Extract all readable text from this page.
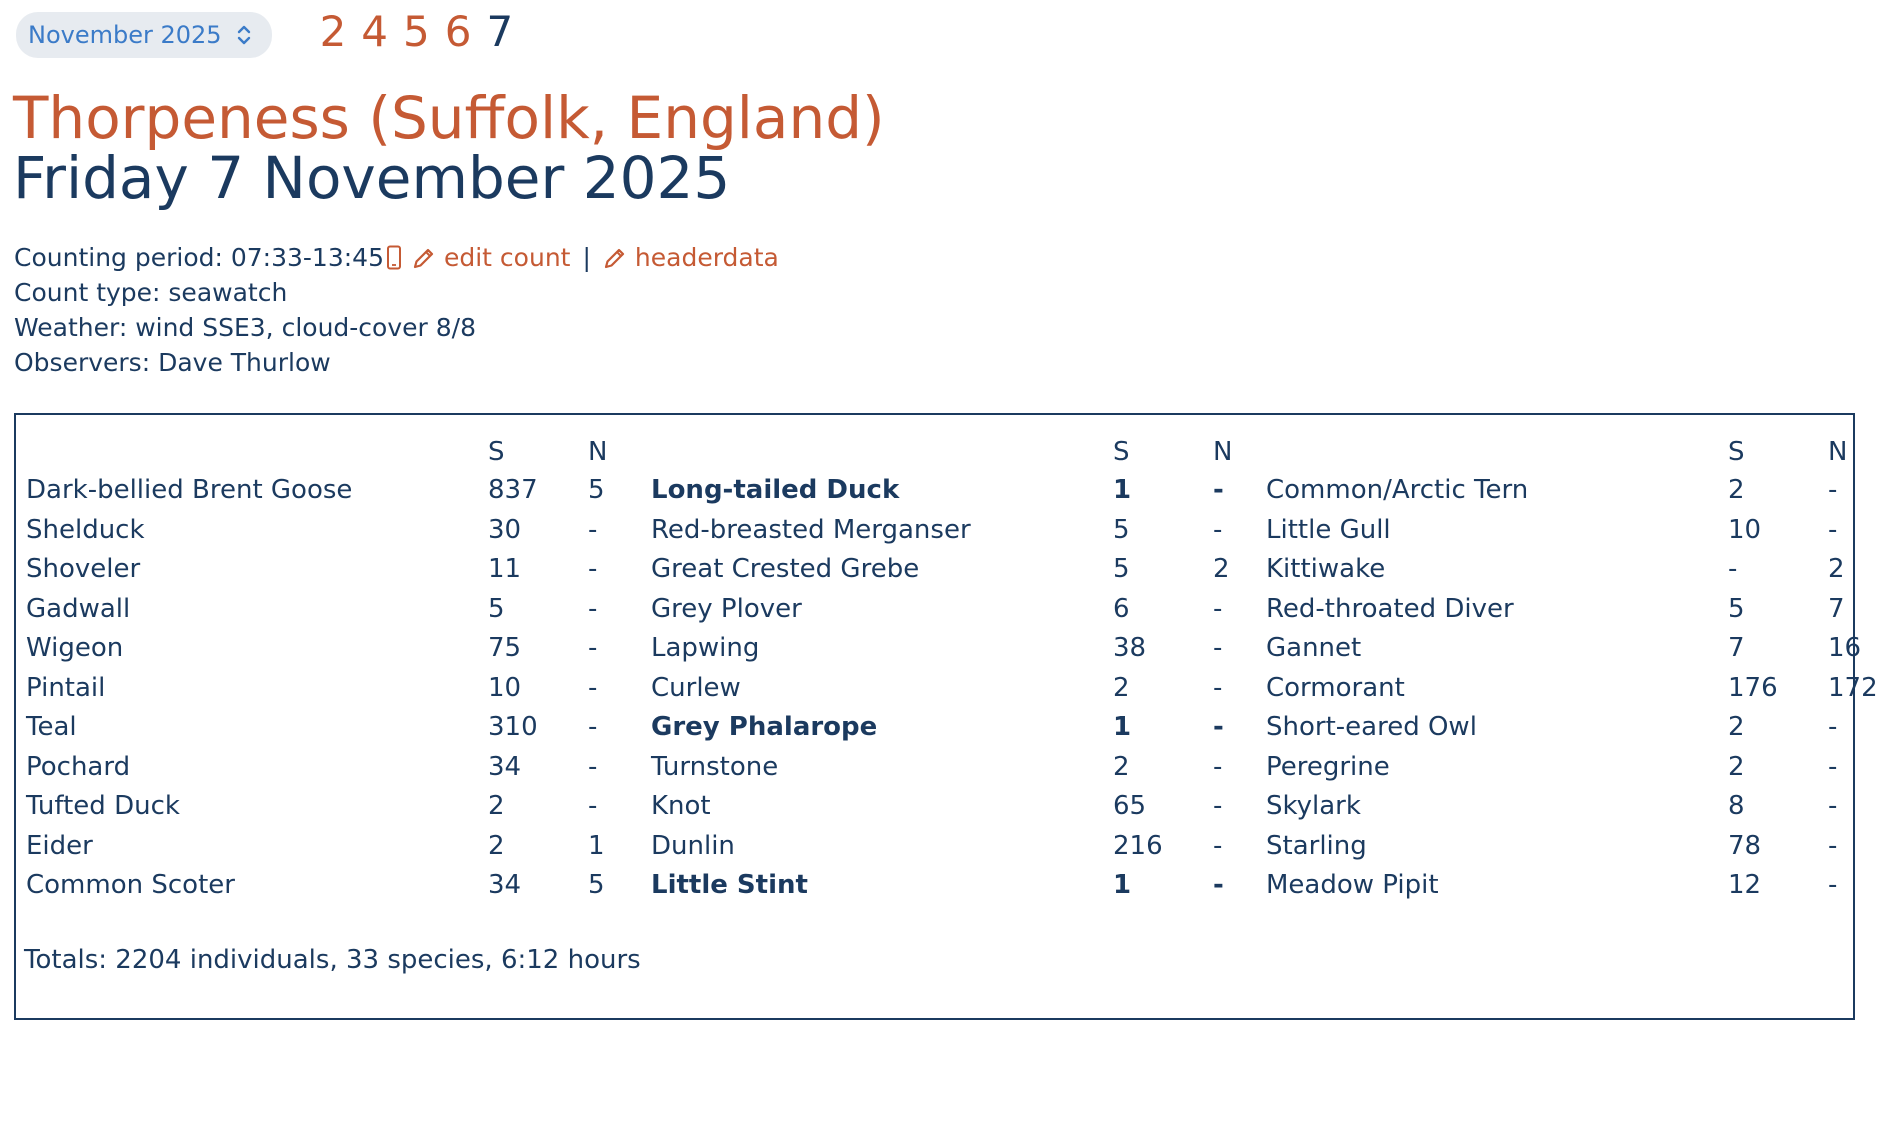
November 2025 2 4 5 6 7
Thorpeness (Suffolk, England)
Friday 7 November 2025
Counting period: 07:33-13:45 edit count | headerdata
Count type: seawatch
Weather: wind SSE3, cloud-cover 8/8
Observers: Dave Thurlow
S	N
Dark-bellied Brent Goose	837	5
Shelduck	30	-
Shoveler	11	-
Gadwall	5	-
Wigeon	75	-
Pintail	10	-
Teal	310	-
Pochard	34	-
Tufted Duck	2	-
Eider	2	1
Common Scoter	34	5
S	N
Long-tailed Duck	1	-
Red-breasted Merganser	5	-
Great Crested Grebe	5	2
Grey Plover	6	-
Lapwing	38	-
Curlew	2	-
Grey Phalarope	1	-
Turnstone	2	-
Knot	65	-
Dunlin	216	-
Little Stint	1	-
S	N
Common/Arctic Tern	2	-
Little Gull	10	-
Kittiwake	-	2
Red-throated Diver	5	7
Gannet	7	16
Cormorant	176	172
Short-eared Owl	2	-
Peregrine	2	-
Skylark	8	-
Starling	78	-
Meadow Pipit	12	-
Totals: 2204 individuals, 33 species, 6:12 hours
